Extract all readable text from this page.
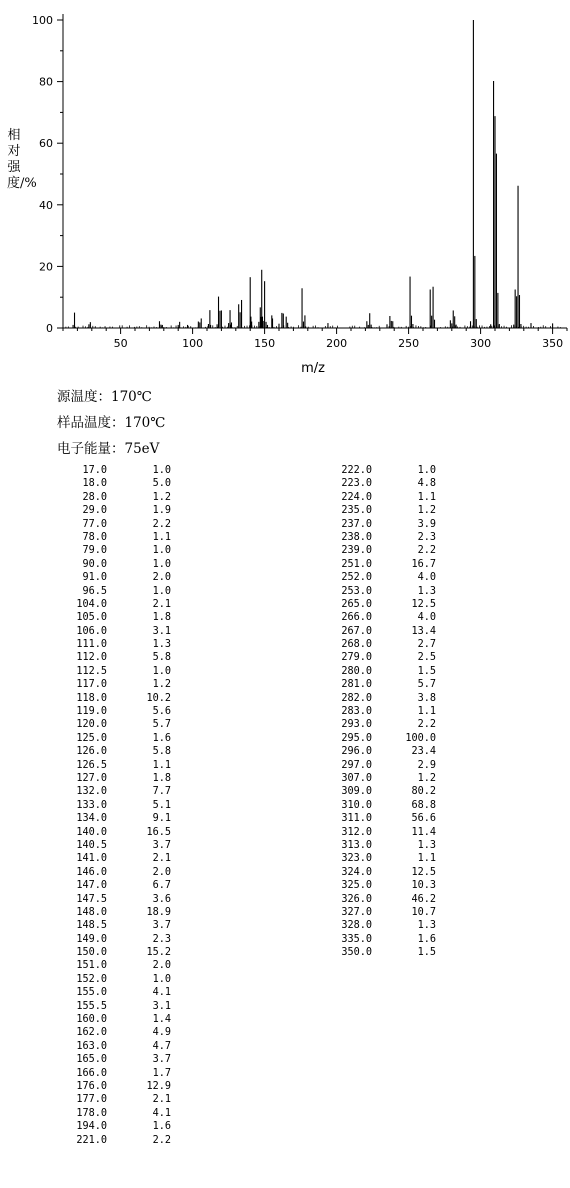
50	100	150	200	250	300	350
0
20
40
60
80
100
m/z
相对强度/%
源温度：170℃
样品温度：170℃
电子能量：75eV
17.0	1.0
18.0	5.0
28.0	1.2
29.0	1.9
77.0	2.2
78.0	1.1
79.0	1.0
90.0	1.0
91.0	2.0
96.5	1.0
104.0	2.1
105.0	1.8
106.0	3.1
111.0	1.3
112.0	5.8
112.5	1.0
117.0	1.2
118.0	10.2
119.0	5.6
120.0	5.7
125.0	1.6
126.0	5.8
126.5	1.1
127.0	1.8
132.0	7.7
133.0	5.1
134.0	9.1
140.0	16.5
140.5	3.7
141.0	2.1
146.0	2.0
147.0	6.7
147.5	3.6
148.0	18.9
148.5	3.7
149.0	2.3
150.0	15.2
151.0	2.0
152.0	1.0
155.0	4.1
155.5	3.1
160.0	1.4
162.0	4.9
163.0	4.7
165.0	3.7
166.0	1.7
176.0	12.9
177.0	2.1
178.0	4.1
194.0	1.6
221.0	2.2
222.0	1.0
223.0	4.8
224.0	1.1
235.0	1.2
237.0	3.9
238.0	2.3
239.0	2.2
251.0	16.7
252.0	4.0
253.0	1.3
265.0	12.5
266.0	4.0
267.0	13.4
268.0	2.7
279.0	2.5
280.0	1.5
281.0	5.7
282.0	3.8
283.0	1.1
293.0	2.2
295.0	100.0
296.0	23.4
297.0	2.9
307.0	1.2
309.0	80.2
310.0	68.8
311.0	56.6
312.0	11.4
313.0	1.3
323.0	1.1
324.0	12.5
325.0	10.3
326.0	46.2
327.0	10.7
328.0	1.3
335.0	1.6
350.0	1.5
